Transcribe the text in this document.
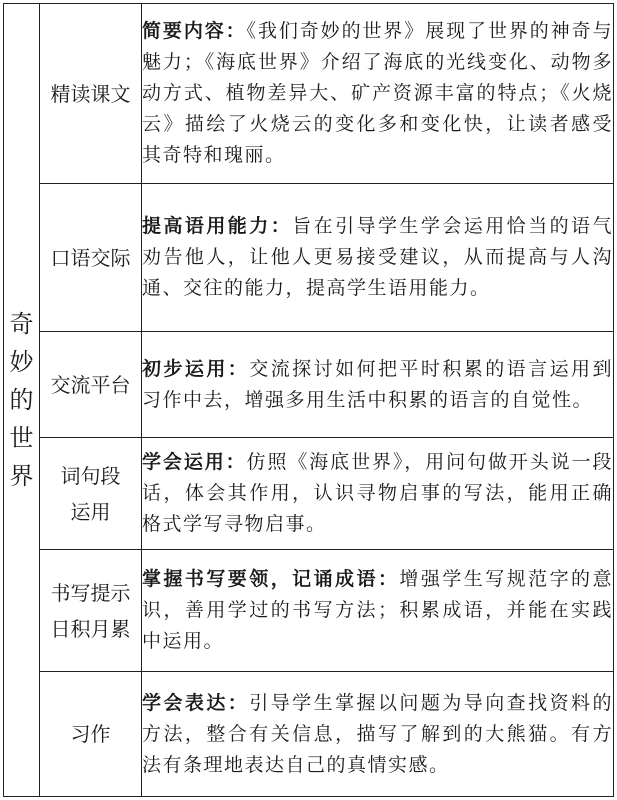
奇妙的世界	精读课文	简要内容：《我们奇妙的世界》展现了世界的神奇与魅力；《海底世界》介绍了海底的光线变化、动物多动方式、植物差异大、矿产资源丰富的特点；《火烧云》描绘了火烧云的变化多和变化快，让读者感受其奇特和瑰丽。
	口语交际	提高语用能力：旨在引导学生学会运用恰当的语气劝告他人，让他人更易接受建议，从而提高与人沟通、交往的能力，提高学生语用能力。
	交流平台	初步运用：交流探讨如何把平时积累的语言运用到习作中去，增强多用生活中积累的语言的自觉性。
	词句段运用	学会运用：仿照《海底世界》，用问句做开头说一段话，体会其作用，认识寻物启事的写法，能用正确格式学写寻物启事。
	书写提示日积月累	掌握书写要领，记诵成语：增强学生写规范字的意识，善用学过的书写方法；积累成语，并能在实践中运用。
	习作	学会表达：引导学生掌握以问题为导向查找资料的方法，整合有关信息，描写了解到的大熊猫。有方法有条理地表达自己的真情实感。
